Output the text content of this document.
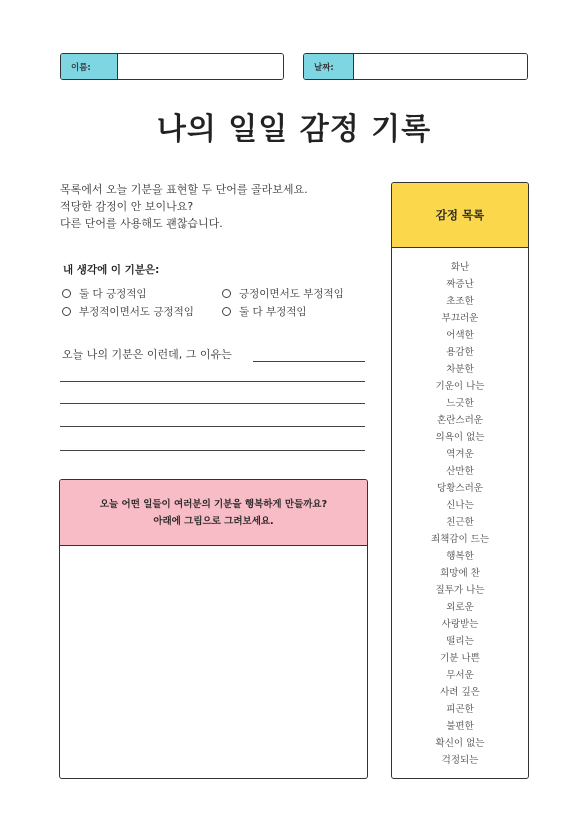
이름:	날짜:
나의 일일 감정 기록
목록에서 오늘 기분을 표현할 두 단어를 골라보세요.
적당한 감정이 안 보이나요?
다른 단어를 사용해도 괜찮습니다.
내 생각에 이 기분은:
둘 다 긍정적임	긍정이면서도 부정적임
부정적이면서도 긍정적임	둘 다 부정적임
오늘 나의 기분은 이런데, 그 이유는
오늘 어떤 일들이 여러분의 기분을 행복하게 만들까요?
아래에 그림으로 그려보세요.
감정 목록
화난
짜증난
초조한
부끄러운
어색한
용감한
차분한
기운이 나는
느긋한
혼란스러운
의욕이 없는
역겨운
산만한
당황스러운
신나는
친근한
죄책감이 드는
행복한
희망에 찬
질투가 나는
외로운
사랑받는
떨리는
기분 나쁜
무서운
사려 깊은
피곤한
불편한
확신이 없는
걱정되는
